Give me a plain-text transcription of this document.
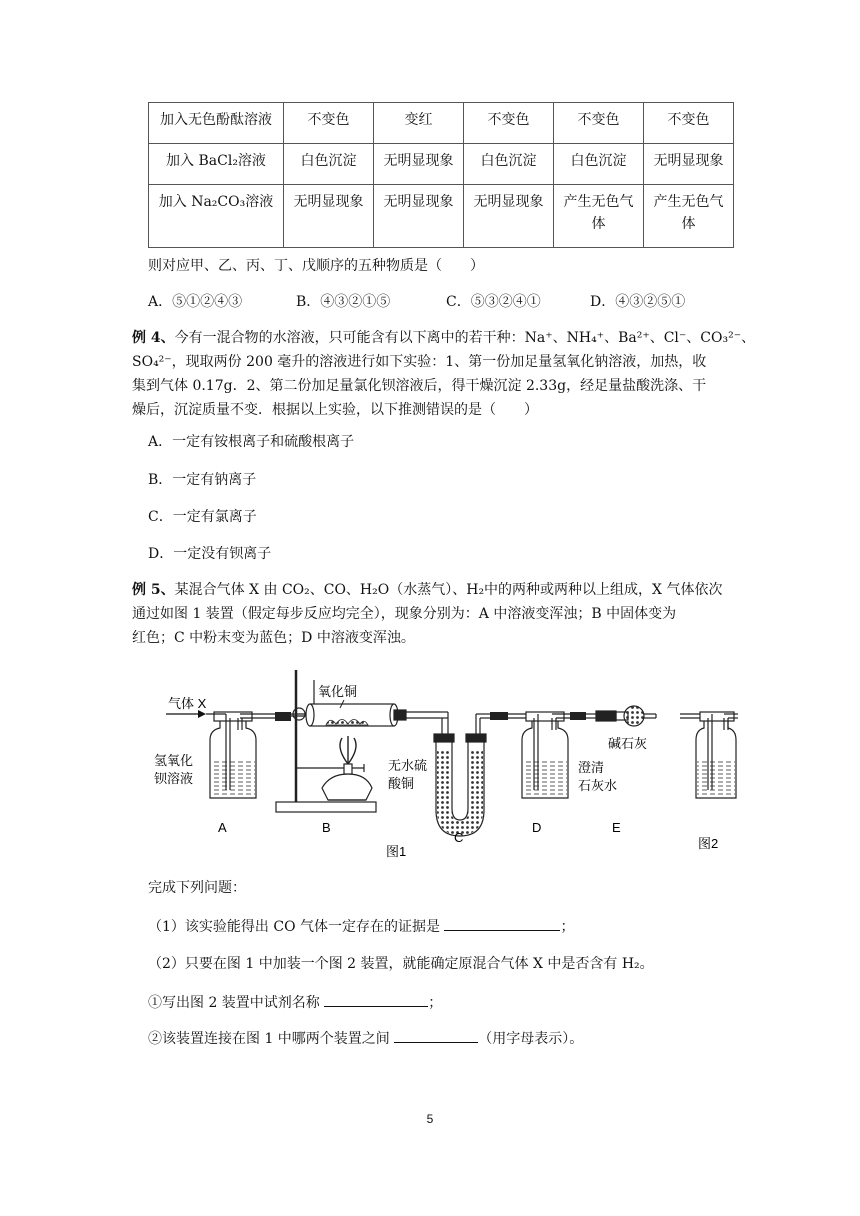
加入无色酚酞溶液	不变色	变红	不变色	不变色	不变色
加入 BaCl₂溶液	白色沉淀	无明显现象	白色沉淀	白色沉淀	无明显现象
加入 Na₂CO₃溶液	无明显现象	无明显现象	无明显现象	产生无色气体	产生无色气体
则对应甲、乙、丙、丁、戊顺序的五种物质是（　　）
A．⑤①②④③	B．④③②①⑤	C．⑤③②④①	D．④③②⑤①
例 4、今有一混合物的水溶液，只可能含有以下离中的若干种：Na⁺、NH₄⁺、Ba²⁺、Cl⁻、CO₃²⁻、
SO₄²⁻，现取两份 200 毫升的溶液进行如下实验：1、第一份加足量氢氧化钠溶液，加热，收
集到气体 0.17g．2、第二份加足量氯化钡溶液后，得干燥沉淀 2.33g，经足量盐酸洗涤、干
燥后，沉淀质量不变．根据以上实验，以下推测错误的是（　　）
A．一定有铵根离子和硫酸根离子
B．一定有钠离子
C．一定有氯离子
D．一定没有钡离子
例 5、某混合气体 X 由 CO₂、CO、H₂O（水蒸气）、H₂中的两种或两种以上组成，X 气体依次
通过如图 1 装置（假定每步反应均完全），现象分别为：A 中溶液变浑浊；B 中固体变为
红色；C 中粉末变为蓝色；D 中溶液变浑浊。
气体 X
氧化铜
无水硫
酸铜
澄清
石灰水
碱石灰
氢氧化
钡溶液
A	B
C
D	E
图1
图2
完成下列问题：
（1）该实验能得出 CO 气体一定存在的证据是	；
（2）只要在图 1 中加装一个图 2 装置，就能确定原混合气体 X 中是否含有 H₂。
①写出图 2 装置中试剂名称	；
②该装置连接在图 1 中哪两个装置之间	（用字母表示）。
5
